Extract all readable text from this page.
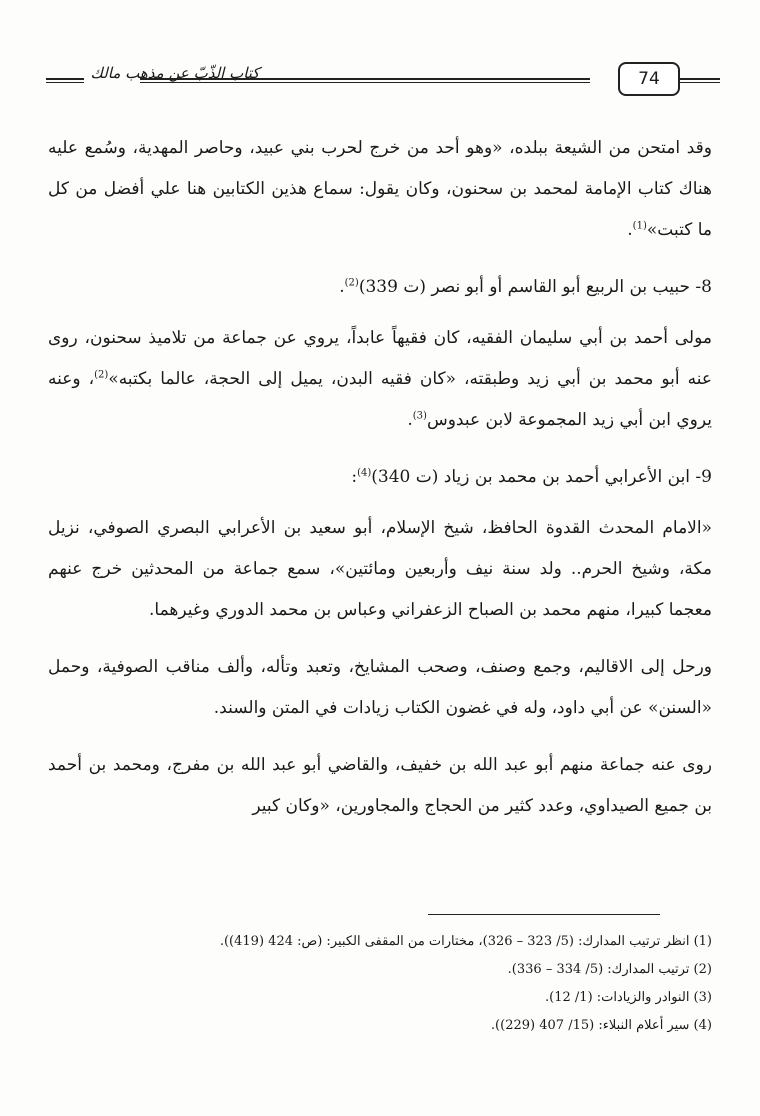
كتاب الذّبّ عن مذهب مالك	74

وقد امتحن من الشيعة ببلده، «وهو أحد من خرج لحرب بني عبيد، وحاصر المهدية، وسُمع عليه هناك كتاب الإمامة لمحمد بن سحنون، وكان يقول: سماع هذين الكتابين هنا علي أفضل من كل ما كتبت»$^{(1)}$.

8- حبيب بن الربيع أبو القاسم أو أبو نصر (ت 339)$^{(2)}$.

مولى أحمد بن أبي سليمان الفقيه، كان فقيهاً عابداً، يروي عن جماعة من تلاميذ سحنون، روى عنه أبو محمد بن أبي زيد وطبقته، «كان فقيه البدن، يميل إلى الحجة، عالما بكتبه»$^{(2)}$، وعنه يروي ابن أبي زيد المجموعة لابن عبدوس$^{(3)}$.

9- ابن الأعرابي أحمد بن محمد بن زياد (ت 340)$^{(4)}$:

«الامام المحدث القدوة الحافظ، شيخ الإسلام، أبو سعيد بن الأعرابي البصري الصوفي، نزيل مكة، وشيخ الحرم.. ولد سنة نيف وأربعين ومائتين»، سمع جماعة من المحدثين خرج عنهم معجما كبيرا، منهم محمد بن الصباح الزعفراني وعباس بن محمد الدوري وغيرهما.

ورحل إلى الاقاليم، وجمع وصنف، وصحب المشايخ، وتعبد وتأله، وألف مناقب الصوفية، وحمل «السنن» عن أبي داود، وله في غضون الكتاب زيادات في المتن والسند.

روى عنه جماعة منهم أبو عبد الله بن خفيف، والقاضي أبو عبد الله بن مفرج، ومحمد بن أحمد بن جميع الصيداوي، وعدد كثير من الحجاج والمجاورين، «وكان كبير

(1) انظر ترتيب المدارك: (5/ 323 – 326)، مختارات من المقفى الكبير: (ص: 424 (419)).
(2) ترتيب المدارك: (5/ 334 – 336).
(3) النوادر والزيادات: (1/ 12).
(4) سير أعلام النبلاء: (15/ 407 (229)).
